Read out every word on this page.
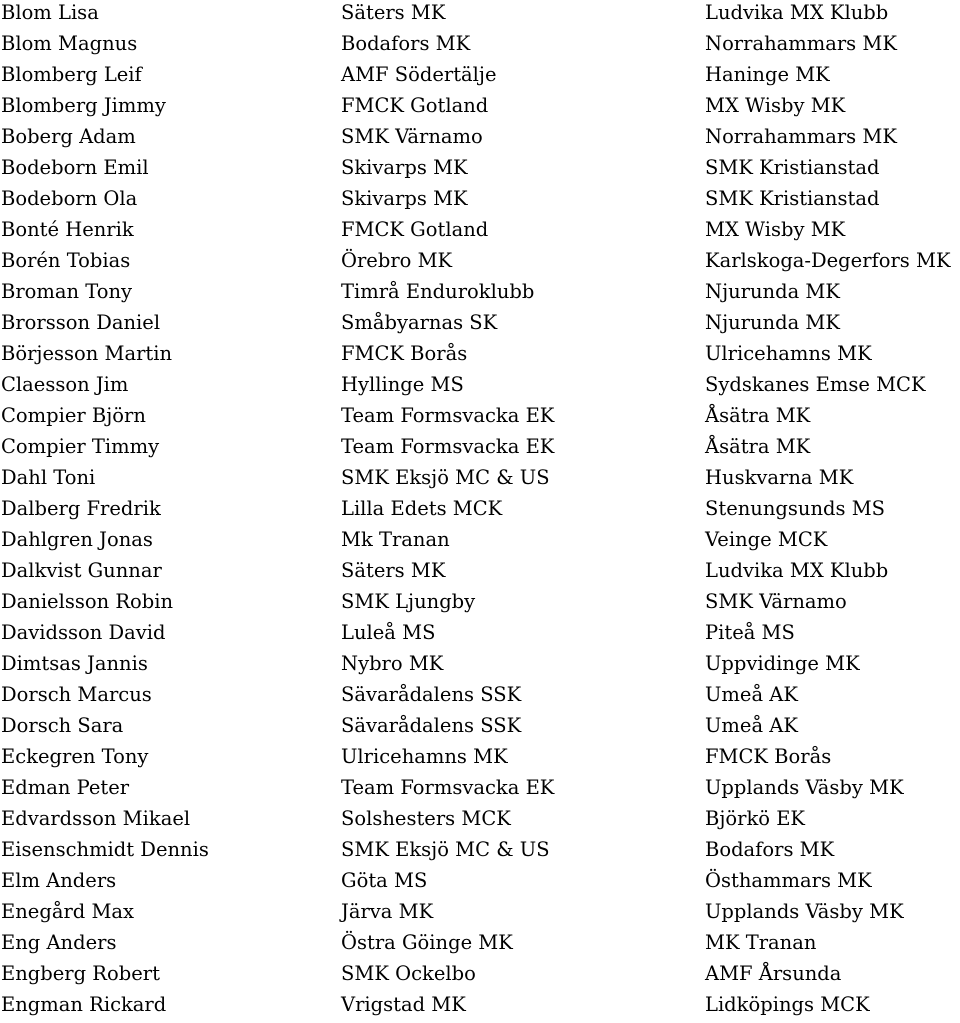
Blom Lisa	Säters MK	Ludvika MX Klubb
Blom Magnus	Bodafors MK	Norrahammars MK
Blomberg Leif	AMF Södertälje	Haninge MK
Blomberg Jimmy	FMCK Gotland	MX Wisby MK
Boberg Adam	SMK Värnamo	Norrahammars MK
Bodeborn Emil	Skivarps MK	SMK Kristianstad
Bodeborn Ola	Skivarps MK	SMK Kristianstad
Bonté Henrik	FMCK Gotland	MX Wisby MK
Borén Tobias	Örebro MK	Karlskoga-Degerfors MK
Broman Tony	Timrå Enduroklubb	Njurunda MK
Brorsson Daniel	Småbyarnas SK	Njurunda MK
Börjesson Martin	FMCK Borås	Ulricehamns MK
Claesson Jim	Hyllinge MS	Sydskanes Emse MCK
Compier Björn	Team Formsvacka EK	Åsätra MK
Compier Timmy	Team Formsvacka EK	Åsätra MK
Dahl Toni	SMK Eksjö MC & US	Huskvarna MK
Dalberg Fredrik	Lilla Edets MCK	Stenungsunds MS
Dahlgren Jonas	Mk Tranan	Veinge MCK
Dalkvist Gunnar	Säters MK	Ludvika MX Klubb
Danielsson Robin	SMK Ljungby	SMK Värnamo
Davidsson David	Luleå MS	Piteå MS
Dimtsas Jannis	Nybro MK	Uppvidinge MK
Dorsch Marcus	Sävarådalens SSK	Umeå AK
Dorsch Sara	Sävarådalens SSK	Umeå AK
Eckegren Tony	Ulricehamns MK	FMCK Borås
Edman Peter	Team Formsvacka EK	Upplands Väsby MK
Edvardsson Mikael	Solshesters MCK	Björkö EK
Eisenschmidt Dennis	SMK Eksjö MC & US	Bodafors MK
Elm Anders	Göta MS	Östhammars MK
Enegård Max	Järva MK	Upplands Väsby MK
Eng Anders	Östra Göinge MK	MK Tranan
Engberg Robert	SMK Ockelbo	AMF Årsunda
Engman Rickard	Vrigstad MK	Lidköpings MCK
